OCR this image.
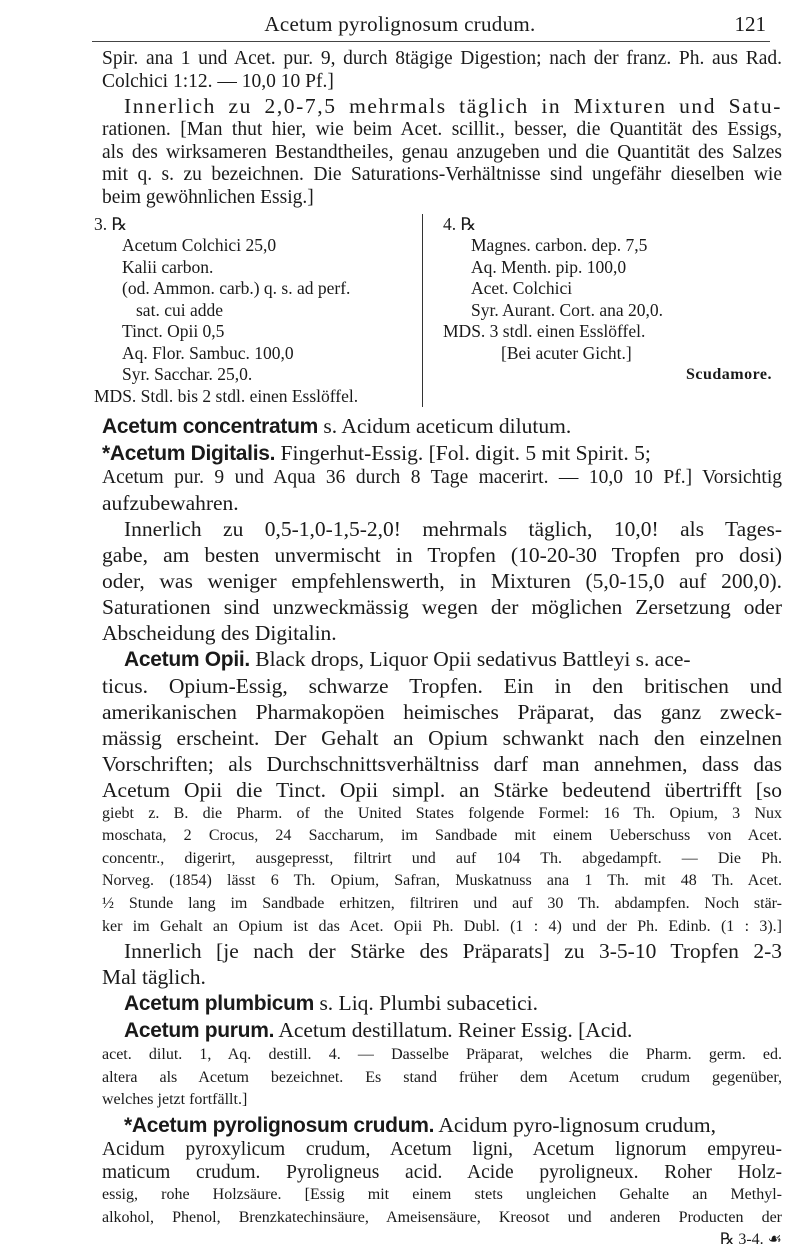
Acetum pyrolignosum crudum.	121
Spir. ana 1 und Acet. pur. 9, durch 8tägige Digestion; nach der franz. Ph. aus Rad.
Colchici 1:12. — 10,0 10 Pf.]
Innerlich zu 2,0-7,5 mehrmals täglich in Mixturen und Satu-
rationen. [Man thut hier, wie beim Acet. scillit., besser, die Quantität des Essigs,
als des wirksameren Bestandtheiles, genau anzugeben und die Quantität des Salzes
mit q. s. zu bezeichnen. Die Saturations-Verhältnisse sind ungefähr dieselben wie
beim gewöhnlichen Essig.]
3. ℞
Acetum Colchici 25,0
Kalii carbon.
(od. Ammon. carb.) q. s. ad perf.
sat. cui adde
Tinct. Opii 0,5
Aq. Flor. Sambuc. 100,0
Syr. Sacchar. 25,0.
MDS. Stdl. bis 2 stdl. einen Esslöffel.
4. ℞
Magnes. carbon. dep. 7,5
Aq. Menth. pip. 100,0
Acet. Colchici
Syr. Aurant. Cort. ana 20,0.
MDS. 3 stdl. einen Esslöffel.
[Bei acuter Gicht.]
Scudamore.
Acetum concentratum s. Acidum aceticum dilutum.
*Acetum Digitalis. Fingerhut-Essig. [Fol. digit. 5 mit Spirit. 5;
Acetum pur. 9 und Aqua 36 durch 8 Tage macerirt. — 10,0 10 Pf.] Vorsichtig
aufzubewahren.
Innerlich zu 0,5-1,0-1,5-2,0! mehrmals täglich, 10,0! als Tages-
gabe, am besten unvermischt in Tropfen (10-20-30 Tropfen pro dosi)
oder, was weniger empfehlenswerth, in Mixturen (5,0-15,0 auf 200,0).
Saturationen sind unzweckmässig wegen der möglichen Zersetzung oder
Abscheidung des Digitalin.
Acetum Opii. Black drops, Liquor Opii sedativus Battleyi s. ace-
ticus. Opium-Essig, schwarze Tropfen. Ein in den britischen und
amerikanischen Pharmakopöen heimisches Präparat, das ganz zweck-
mässig erscheint. Der Gehalt an Opium schwankt nach den einzelnen
Vorschriften; als Durchschnittsverhältniss darf man annehmen, dass das
Acetum Opii die Tinct. Opii simpl. an Stärke bedeutend übertrifft [so
giebt z. B. die Pharm. of the United States folgende Formel: 16 Th. Opium, 3 Nux
moschata, 2 Crocus, 24 Saccharum, im Sandbade mit einem Ueberschuss von Acet.
concentr., digerirt, ausgepresst, filtrirt und auf 104 Th. abgedampft. — Die Ph.
Norveg. (1854) lässt 6 Th. Opium, Safran, Muskatnuss ana 1 Th. mit 48 Th. Acet.
½ Stunde lang im Sandbade erhitzen, filtriren und auf 30 Th. abdampfen. Noch stär-
ker im Gehalt an Opium ist das Acet. Opii Ph. Dubl. (1 : 4) und der Ph. Edinb. (1 : 3).]
Innerlich [je nach der Stärke des Präparats] zu 3-5-10 Tropfen 2-3
Mal täglich.
Acetum plumbicum s. Liq. Plumbi subacetici.
Acetum purum. Acetum destillatum. Reiner Essig. [Acid.
acet. dilut. 1, Aq. destill. 4. — Dasselbe Präparat, welches die Pharm. germ. ed.
altera als Acetum bezeichnet. Es stand früher dem Acetum crudum gegenüber,
welches jetzt fortfällt.]
*Acetum pyrolignosum crudum. Acidum pyro-lignosum crudum,
Acidum pyroxylicum crudum, Acetum ligni, Acetum lignorum empyreu-
maticum crudum. Pyroligneus acid. Acide pyroligneux. Roher Holz-
essig, rohe Holzsäure. [Essig mit einem stets ungleichen Gehalte an Methyl-
alkohol, Phenol, Brenzkatechinsäure, Ameisensäure, Kreosot und anderen Producten der
℞ 3-4. ☙
